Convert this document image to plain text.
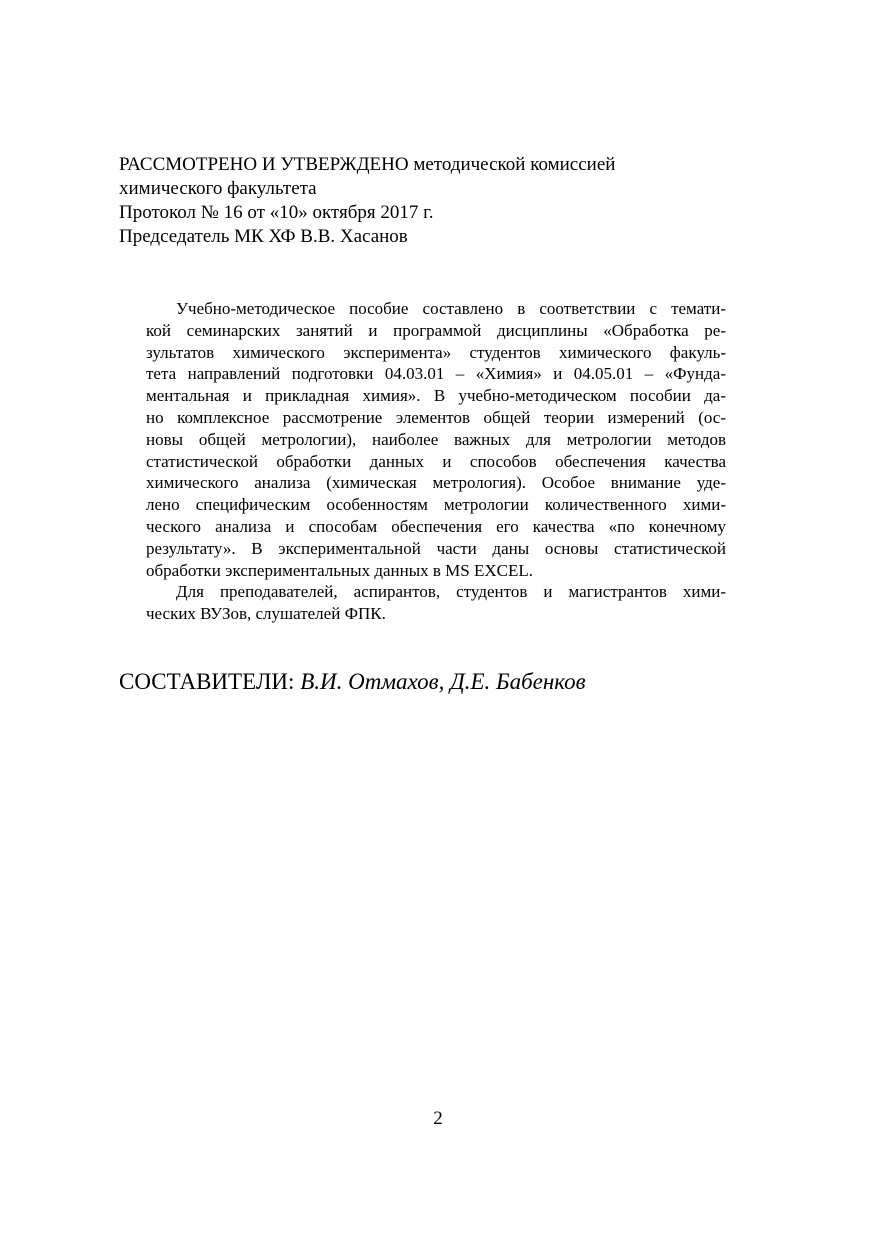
РАССМОТРЕНО И УТВЕРЖДЕНО методической комиссией
химического факультета
Протокол № 16 от «10» октября 2017 г.
Председатель МК ХФ В.В. Хасанов
Учебно-методическое пособие составлено в соответствии с темати-
кой семинарских занятий и программой дисциплины «Обработка ре-
зультатов химического эксперимента» студентов химического факуль-
тета направлений подготовки 04.03.01 – «Химия» и 04.05.01 – «Фунда-
ментальная и прикладная химия». В учебно-методическом пособии да-
но комплексное рассмотрение элементов общей теории измерений (ос-
новы общей метрологии), наиболее важных для метрологии методов
статистической обработки данных и способов обеспечения качества
химического анализа (химическая метрология). Особое внимание уде-
лено специфическим особенностям метрологии количественного хими-
ческого анализа и способам обеспечения его качества «по конечному
результату». В экспериментальной части даны основы статистической
обработки экспериментальных данных в MS EXCEL.
Для преподавателей, аспирантов, студентов и магистрантов хими-
ческих ВУЗов, слушателей ФПК.
СОСТАВИТЕЛИ: В.И. Отмахов, Д.Е. Бабенков
2
